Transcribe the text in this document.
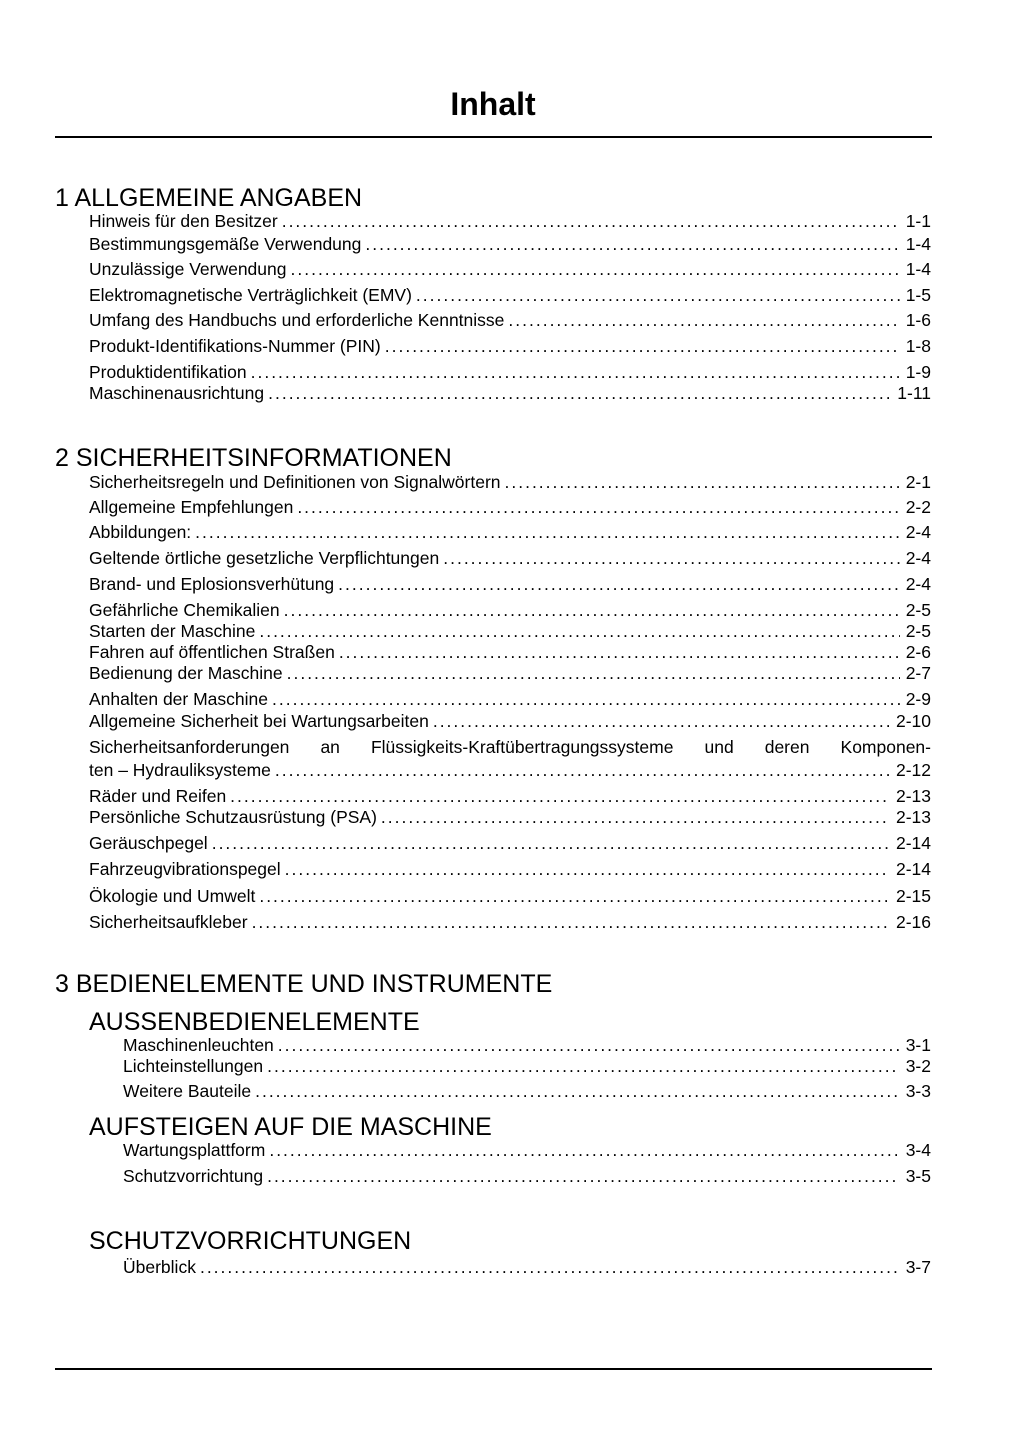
Inhalt
1 ALLGEMEINE ANGABEN
Hinweis für den Besitzer .....	1-1
Bestimmungsgemäße Verwendung .....	1-4
Unzulässige Verwendung .....	1-4
Elektromagnetische Verträglichkeit (EMV) .....	1-5
Umfang des Handbuchs und erforderliche Kenntnisse .....	1-6
Produkt-Identifikations-Nummer (PIN) .....	1-8
Produktidentifikation .....	1-9
Maschinenausrichtung .....	1-11
2 SICHERHEITSINFORMATIONEN
Sicherheitsregeln und Definitionen von Signalwörtern .....	2-1
Allgemeine Empfehlungen .....	2-2
Abbildungen: .....	2-4
Geltende örtliche gesetzliche Verpflichtungen .....	2-4
Brand- und Eplosionsverhütung .....	2-4
Gefährliche Chemikalien .....	2-5
Starten der Maschine .....	2-5
Fahren auf öffentlichen Straßen .....	2-6
Bedienung der Maschine .....	2-7
Anhalten der Maschine .....	2-9
Allgemeine Sicherheit bei Wartungsarbeiten .....	2-10
Sicherheitsanforderungen an Flüssigkeits-Kraftübertragungssysteme und deren Komponen-
ten – Hydrauliksysteme .....	2-12
Räder und Reifen .....	2-13
Persönliche Schutzausrüstung (PSA) .....	2-13
Geräuschpegel .....	2-14
Fahrzeugvibrationspegel .....	2-14
Ökologie und Umwelt .....	2-15
Sicherheitsaufkleber .....	2-16
3 BEDIENELEMENTE UND INSTRUMENTE
AUSSENBEDIENELEMENTE
Maschinenleuchten .....	3-1
Lichteinstellungen .....	3-2
Weitere Bauteile .....	3-3
AUFSTEIGEN AUF DIE MASCHINE
Wartungsplattform .....	3-4
Schutzvorrichtung .....	3-5
SCHUTZVORRICHTUNGEN
Überblick .....	3-7
